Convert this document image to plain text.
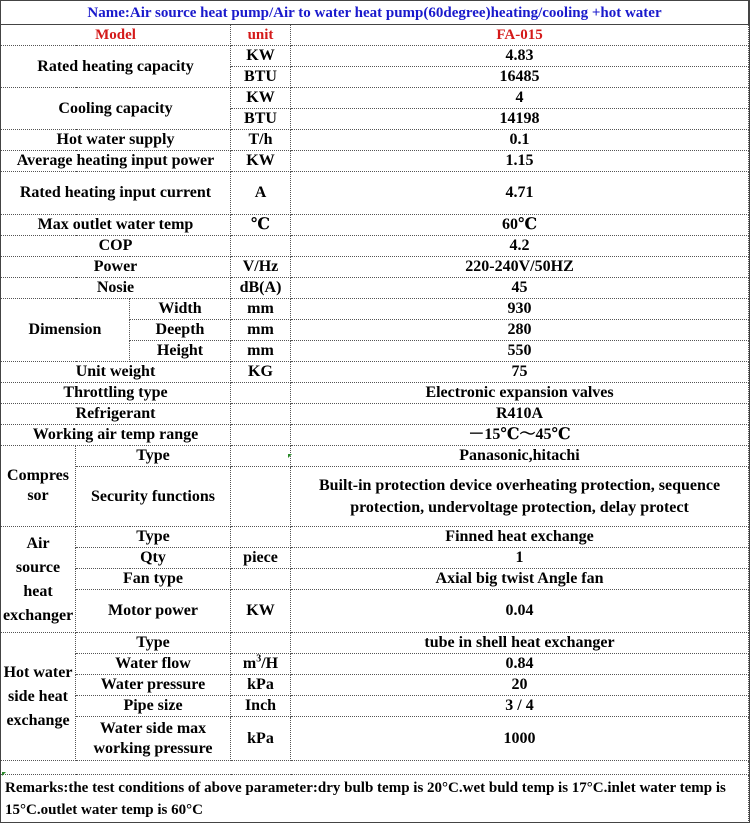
Name:Air source heat pump/Air to water heat pump(60degree)heating/cooling +hot water				
Model			unit	FA-015
Rated heating capacity			KW	4.83
			BTU	16485
Cooling capacity			KW	4
			BTU	14198
Hot water supply			T/h	0.1
Average heating input power			KW	1.15
Rated heating input current			A	4.71
Max outlet water temp			℃	60℃
COP				4.2
Power			V/Hz	220-240V/50HZ
Nosie			dB(A)	45
Dimension		Width	mm	930
		Deepth	mm	280
		Height	mm	550
Unit weight			KG	75
Throttling type				Electronic expansion valves
Refrigerant				R410A
Working air temp range				－15℃～45℃
Compres sor	Type			Panasonic,hitachi
	Security functions			Built-in protection device overheating protection, sequence protection, undervoltage protection, delay protect
Air source heat exchanger	Type			Finned heat exchange
	Qty		piece	1
	Fan type			Axial big twist Angle fan
	Motor power		KW	0.04
Hot water side heat exchange	Type			tube in shell heat exchanger
	Water flow		$m^3/H$	0.84
	Water pressure		kPa	20
	Pipe size		Inch	3 / 4
	Water side max working pressure		kPa	1000

Remarks:the test conditions of above parameter:dry bulb temp is 20°C.wet buld temp is 17°C.inlet water temp is 15°C.outlet water temp is 60°C				
